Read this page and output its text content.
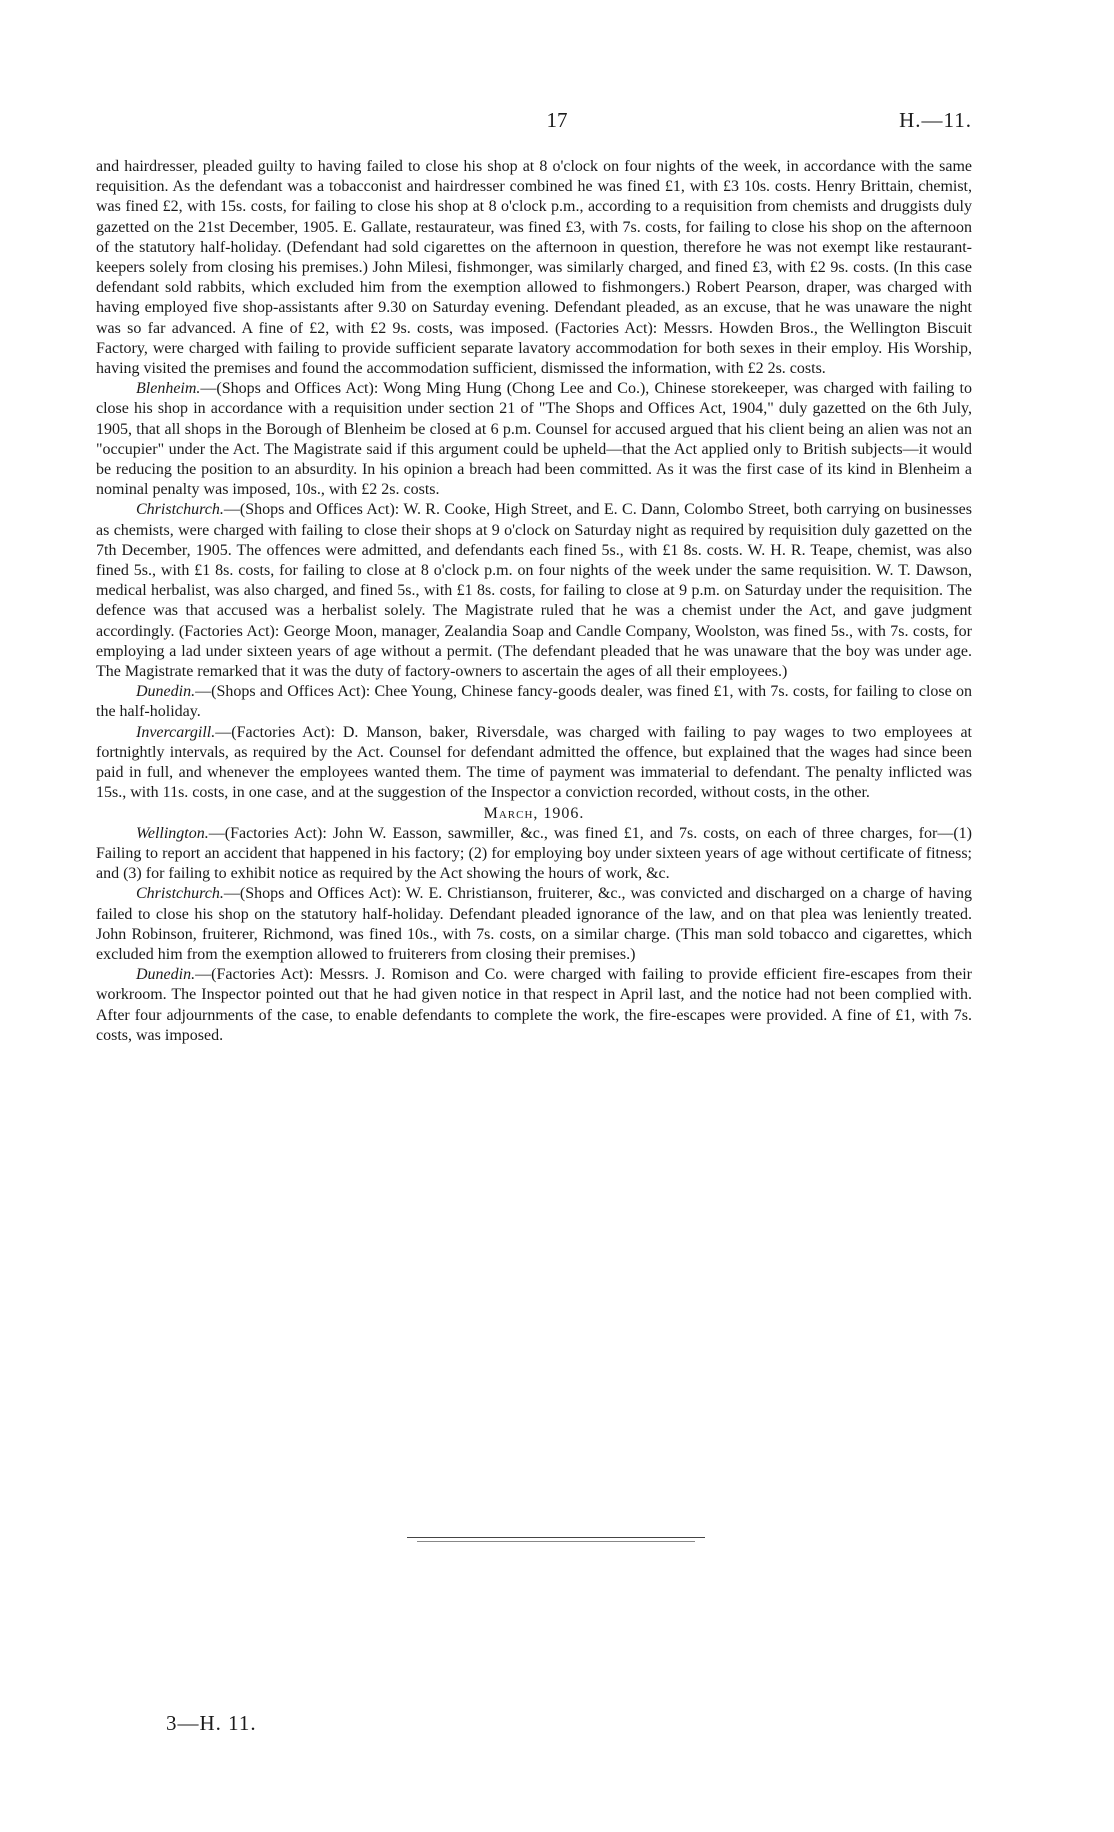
17	H.—11.

and hairdresser, pleaded guilty to having failed to close his shop at 8 o'clock on four nights of the week, in accordance with the same requisition. As the defendant was a tobacconist and hairdresser combined he was fined £1, with £3 10s. costs. Henry Brittain, chemist, was fined £2, with 15s. costs, for failing to close his shop at 8 o'clock p.m., according to a requisition from chemists and druggists duly gazetted on the 21st December, 1905. E. Gallate, restaurateur, was fined £3, with 7s. costs, for failing to close his shop on the afternoon of the statutory half-holiday. (Defendant had sold cigarettes on the afternoon in question, therefore he was not exempt like restaurant-keepers solely from closing his premises.) John Milesi, fishmonger, was similarly charged, and fined £3, with £2 9s. costs. (In this case defendant sold rabbits, which excluded him from the exemption allowed to fishmongers.) Robert Pearson, draper, was charged with having employed five shop-assistants after 9.30 on Saturday evening. Defendant pleaded, as an excuse, that he was unaware the night was so far advanced. A fine of £2, with £2 9s. costs, was imposed. (Factories Act): Messrs. Howden Bros., the Wellington Biscuit Factory, were charged with failing to provide sufficient separate lavatory accommodation for both sexes in their employ. His Worship, having visited the premises and found the accommodation sufficient, dismissed the information, with £2 2s. costs.

Blenheim.—(Shops and Offices Act): Wong Ming Hung (Chong Lee and Co.), Chinese storekeeper, was charged with failing to close his shop in accordance with a requisition under section 21 of "The Shops and Offices Act, 1904," duly gazetted on the 6th July, 1905, that all shops in the Borough of Blenheim be closed at 6 p.m. Counsel for accused argued that his client being an alien was not an "occupier" under the Act. The Magistrate said if this argument could be upheld—that the Act applied only to British subjects—it would be reducing the position to an absurdity. In his opinion a breach had been committed. As it was the first case of its kind in Blenheim a nominal penalty was imposed, 10s., with £2 2s. costs.

Christchurch.—(Shops and Offices Act): W. R. Cooke, High Street, and E. C. Dann, Colombo Street, both carrying on businesses as chemists, were charged with failing to close their shops at 9 o'clock on Saturday night as required by requisition duly gazetted on the 7th December, 1905. The offences were admitted, and defendants each fined 5s., with £1 8s. costs. W. H. R. Teape, chemist, was also fined 5s., with £1 8s. costs, for failing to close at 8 o'clock p.m. on four nights of the week under the same requisition. W. T. Dawson, medical herbalist, was also charged, and fined 5s., with £1 8s. costs, for failing to close at 9 p.m. on Saturday under the requisition. The defence was that accused was a herbalist solely. The Magistrate ruled that he was a chemist under the Act, and gave judgment accordingly. (Factories Act): George Moon, manager, Zealandia Soap and Candle Company, Woolston, was fined 5s., with 7s. costs, for employing a lad under sixteen years of age without a permit. (The defendant pleaded that he was unaware that the boy was under age. The Magistrate remarked that it was the duty of factory-owners to ascertain the ages of all their employees.)

Dunedin.—(Shops and Offices Act): Chee Young, Chinese fancy-goods dealer, was fined £1, with 7s. costs, for failing to close on the half-holiday.

Invercargill.—(Factories Act): D. Manson, baker, Riversdale, was charged with failing to pay wages to two employees at fortnightly intervals, as required by the Act. Counsel for defendant admitted the offence, but explained that the wages had since been paid in full, and whenever the employees wanted them. The time of payment was immaterial to defendant. The penalty inflicted was 15s., with 11s. costs, in one case, and at the suggestion of the Inspector a conviction recorded, without costs, in the other.

March, 1906.

Wellington.—(Factories Act): John W. Easson, sawmiller, &c., was fined £1, and 7s. costs, on each of three charges, for—(1) Failing to report an accident that happened in his factory; (2) for employing boy under sixteen years of age without certificate of fitness; and (3) for failing to exhibit notice as required by the Act showing the hours of work, &c.

Christchurch.—(Shops and Offices Act): W. E. Christianson, fruiterer, &c., was convicted and discharged on a charge of having failed to close his shop on the statutory half-holiday. Defendant pleaded ignorance of the law, and on that plea was leniently treated. John Robinson, fruiterer, Richmond, was fined 10s., with 7s. costs, on a similar charge. (This man sold tobacco and cigarettes, which excluded him from the exemption allowed to fruiterers from closing their premises.)

Dunedin.—(Factories Act): Messrs. J. Romison and Co. were charged with failing to provide efficient fire-escapes from their workroom. The Inspector pointed out that he had given notice in that respect in April last, and the notice had not been complied with. After four adjournments of the case, to enable defendants to complete the work, the fire-escapes were provided. A fine of £1, with 7s. costs, was imposed.

3—H. 11.
